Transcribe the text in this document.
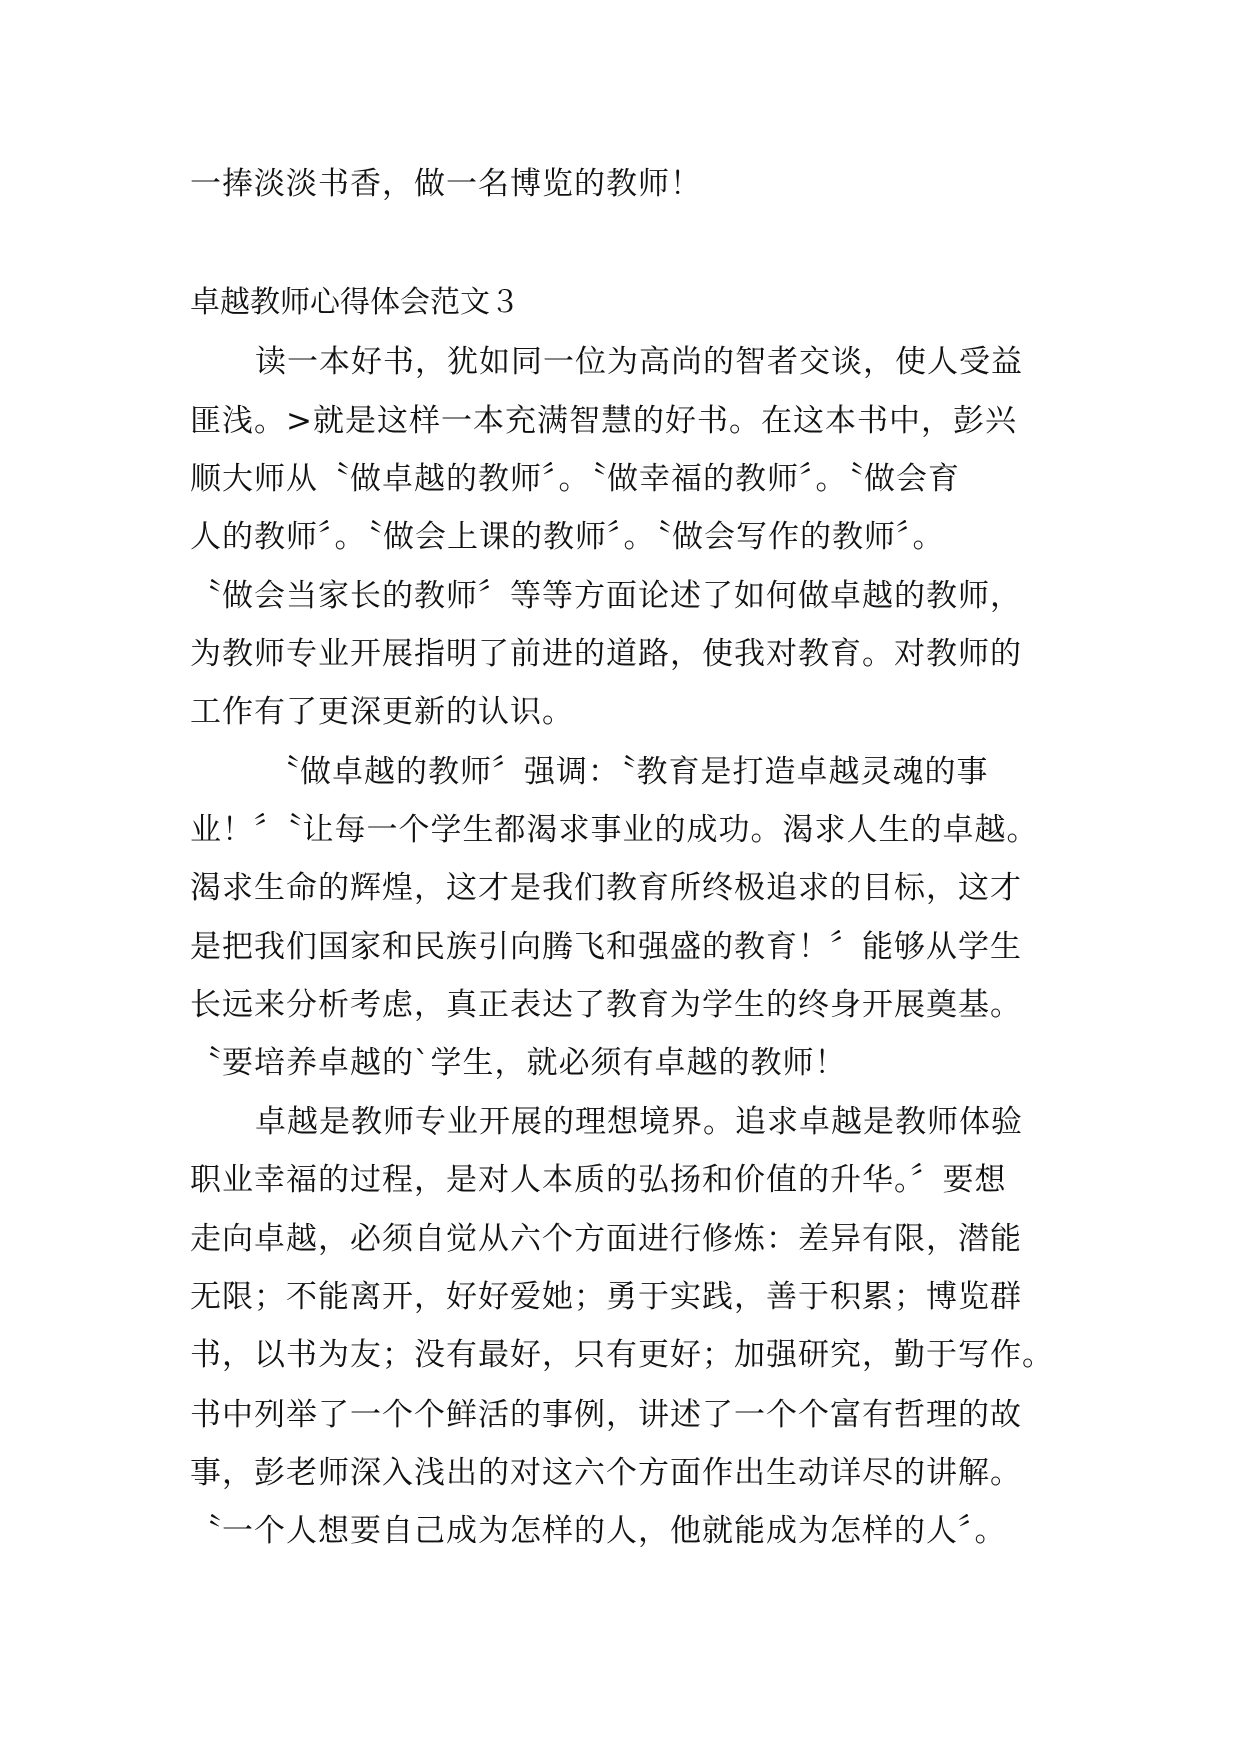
一捧淡淡书香，做一名博览的教师！
卓越教师心得体会范文３
读一本好书，犹如同一位为高尚的智者交谈，使人受益
匪浅。>就是这样一本充满智慧的好书。在这本书中，彭兴
顺大师从〝做卓越的教师〞。〝做幸福的教师〞。〝做会育
人的教师〞。〝做会上课的教师〞。〝做会写作的教师〞。
〝做会当家长的教师〞等等方面论述了如何做卓越的教师，
为教师专业开展指明了前进的道路，使我对教育。对教师的
工作有了更深更新的认识。
〝做卓越的教师〞强调：〝教育是打造卓越灵魂的事
业！〞〝让每一个学生都渴求事业的成功。渴求人生的卓越。
渴求生命的辉煌，这才是我们教育所终极追求的目标，这才
是把我们国家和民族引向腾飞和强盛的教育！〞能够从学生
长远来分析考虑，真正表达了教育为学生的终身开展奠基。
〝要培养卓越的`学生，就必须有卓越的教师！
卓越是教师专业开展的理想境界。追求卓越是教师体验
职业幸福的过程，是对人本质的弘扬和价值的升华。〞要想
走向卓越，必须自觉从六个方面进行修炼：差异有限，潜能
无限；不能离开，好好爱她；勇于实践，善于积累；博览群
书，以书为友；没有最好，只有更好；加强研究，勤于写作。
书中列举了一个个鲜活的事例，讲述了一个个富有哲理的故
事，彭老师深入浅出的对这六个方面作出生动详尽的讲解。
〝一个人想要自己成为怎样的人，他就能成为怎样的人〞。
